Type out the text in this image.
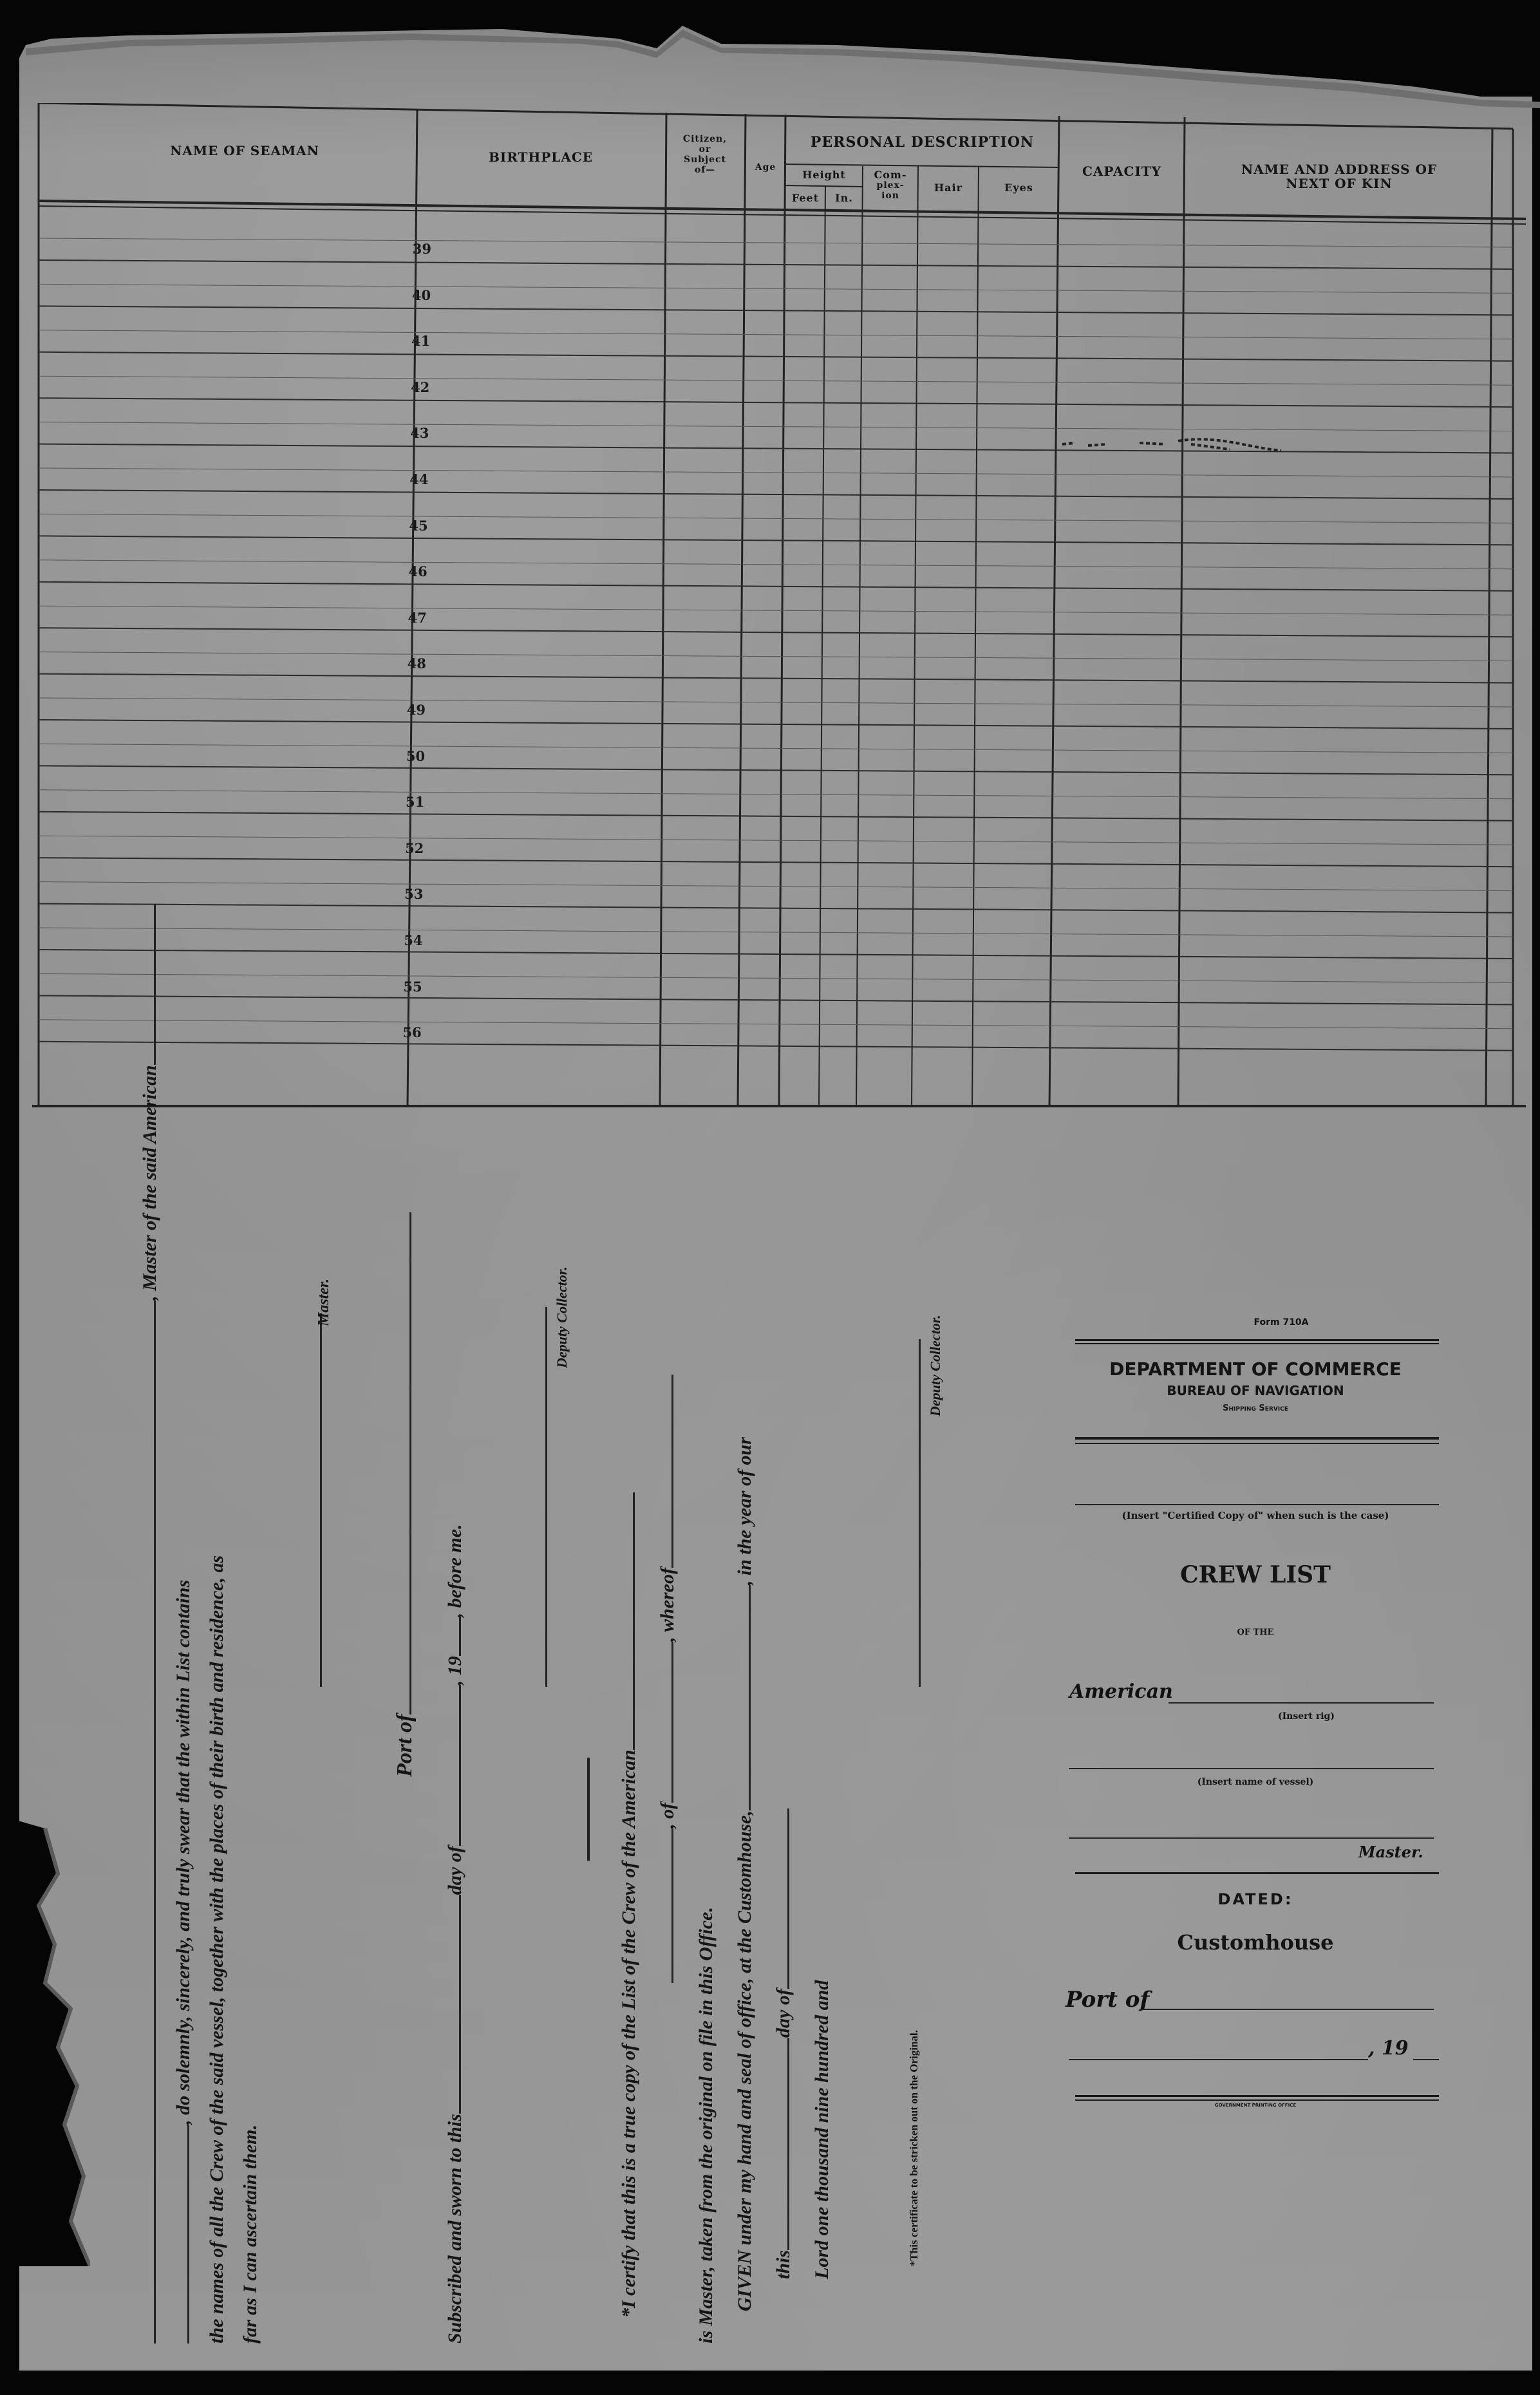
NAME OF SEAMAN	BIRTHPLACE
Citizen,
or
Subject
of—	Age
PERSONAL DESCRIPTION
Height
Feet	In.
Com-
plex-
ion
Hair	Eyes
CAPACITY	NAME AND ADDRESS OF
NEXT OF KIN
39
40
41
42
43
44
45
46
47
48
49
50
51
52
53
54
55
56
, Master of the said American
, do solemnly, sincerely, and truly swear that the within List contains the names of all the Crew of the said vessel, together with the places of their birth and residence, as far as I can ascertain them.
Master.
Port of
Subscribed and sworn to thisday of, 19, before me.
Deputy Collector.
*I certify that this is a true copy of the List of the Crew of the American , of, whereof
is Master, taken from the original on file in this Office. GIVEN under my hand and seal of office, at the Customhouse,, in the year of our
thisday of Lord one thousand nine hundred and
Deputy Collector.
*This certificate to be stricken out on the Original.
Form 710A
DEPARTMENT OF COMMERCE
BUREAU OF NAVIGATION
Shipping Service
(Insert "Certified Copy of" when such is the case)
CREW LIST
OF THE
American
(Insert rig)
(Insert name of vessel)
Master.
DATED:
Customhouse
Port of
, 19
GOVERNMENT PRINTING OFFICE
